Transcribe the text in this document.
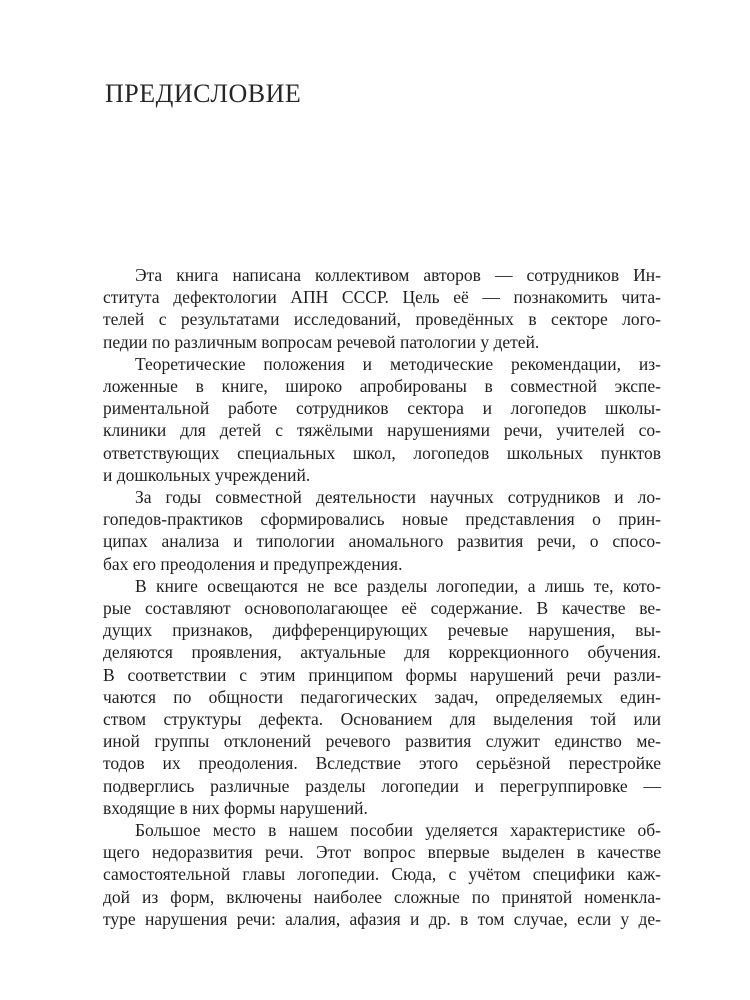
ПРЕДИСЛОВИЕ
Эта книга написана коллективом авторов — сотрудников Ин-
ститута дефектологии АПН СССР. Цель её — познакомить чита-
телей с результатами исследований, проведённых в секторе лого-
педии по различным вопросам речевой патологии у детей.
Теоретические положения и методические рекомендации, из-
ложенные в книге, широко апробированы в совместной экспе-
риментальной работе сотрудников сектора и логопедов школы-
клиники для детей с тяжёлыми нарушениями речи, учителей со-
ответствующих специальных школ, логопедов школьных пунктов
и дошкольных учреждений.
За годы совместной деятельности научных сотрудников и ло-
гопедов-практиков сформировались новые представления о прин-
ципах анализа и типологии аномального развития речи, о спосо-
бах его преодоления и предупреждения.
В книге освещаются не все разделы логопедии, а лишь те, кото-
рые составляют основополагающее её содержание. В качестве ве-
дущих признаков, дифференцирующих речевые нарушения, вы-
деляются проявления, актуальные для коррекционного обучения.
В соответствии с этим принципом формы нарушений речи разли-
чаются по общности педагогических задач, определяемых един-
ством структуры дефекта. Основанием для выделения той или
иной группы отклонений речевого развития служит единство ме-
тодов их преодоления. Вследствие этого серьёзной перестройке
подверглись различные разделы логопедии и перегруппировке —
входящие в них формы нарушений.
Большое место в нашем пособии уделяется характеристике об-
щего недоразвития речи. Этот вопрос впервые выделен в качестве
самостоятельной главы логопедии. Сюда, с учётом специфики каж-
дой из форм, включены наиболее сложные по принятой номенкла-
туре нарушения речи: алалия, афазия и др. в том случае, если у де-
